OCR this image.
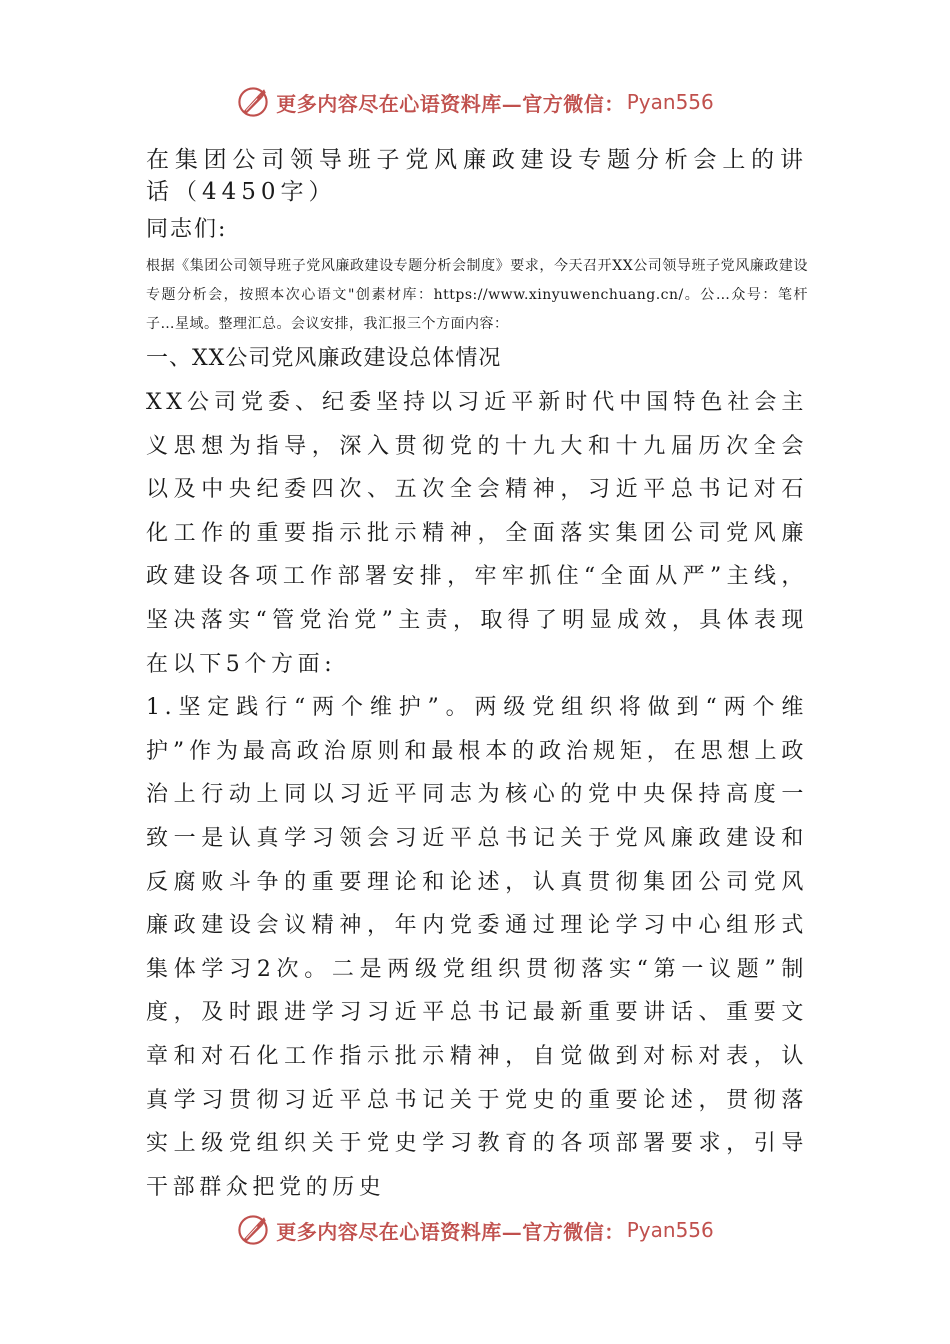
更多内容尽在心语资料库—官方微信： Pyan556

在集团公司领导班子党风廉政建设专题分析会上的讲话（4450字）

同志们:

根据《集团公司领导班子党风廉政建设专题分析会制度》要求，今天召开XX公司领导班子党风廉政建设专题分析会，按照本次心语文"创素材库：https://www.xinyuwenchuang.cn/。公…众号：笔杆子…星域。整理汇总。会议安排，我汇报三个方面内容：

一、XX公司党风廉政建设总体情况

XX公司党委、纪委坚持以习近平新时代中国特色社会主义思想为指导，深入贯彻党的十九大和十九届历次全会以及中央纪委四次、五次全会精神，习近平总书记对石化工作的重要指示批示精神，全面落实集团公司党风廉政建设各项工作部署安排，牢牢抓住“全面从严”主线，坚决落实“管党治党”主责，取得了明显成效，具体表现在以下5个方面:

1.坚定践行“两个维护”。两级党组织将做到“两个维护”作为最高政治原则和最根本的政治规矩，在思想上政治上行动上同以习近平同志为核心的党中央保持高度一致一是认真学习领会习近平总书记关于党风廉政建设和反腐败斗争的重要理论和论述，认真贯彻集团公司党风廉政建设会议精神，年内党委通过理论学习中心组形式集体学习2次。二是两级党组织贯彻落实“第一议题”制度，及时跟进学习习近平总书记最新重要讲话、重要文章和对石化工作指示批示精神，自觉做到对标对表，认真学习贯彻习近平总书记关于党史的重要论述，贯彻落实上级党组织关于党史学习教育的各项部署要求，引导干部群众把党的历史

更多内容尽在心语资料库—官方微信： Pyan556
